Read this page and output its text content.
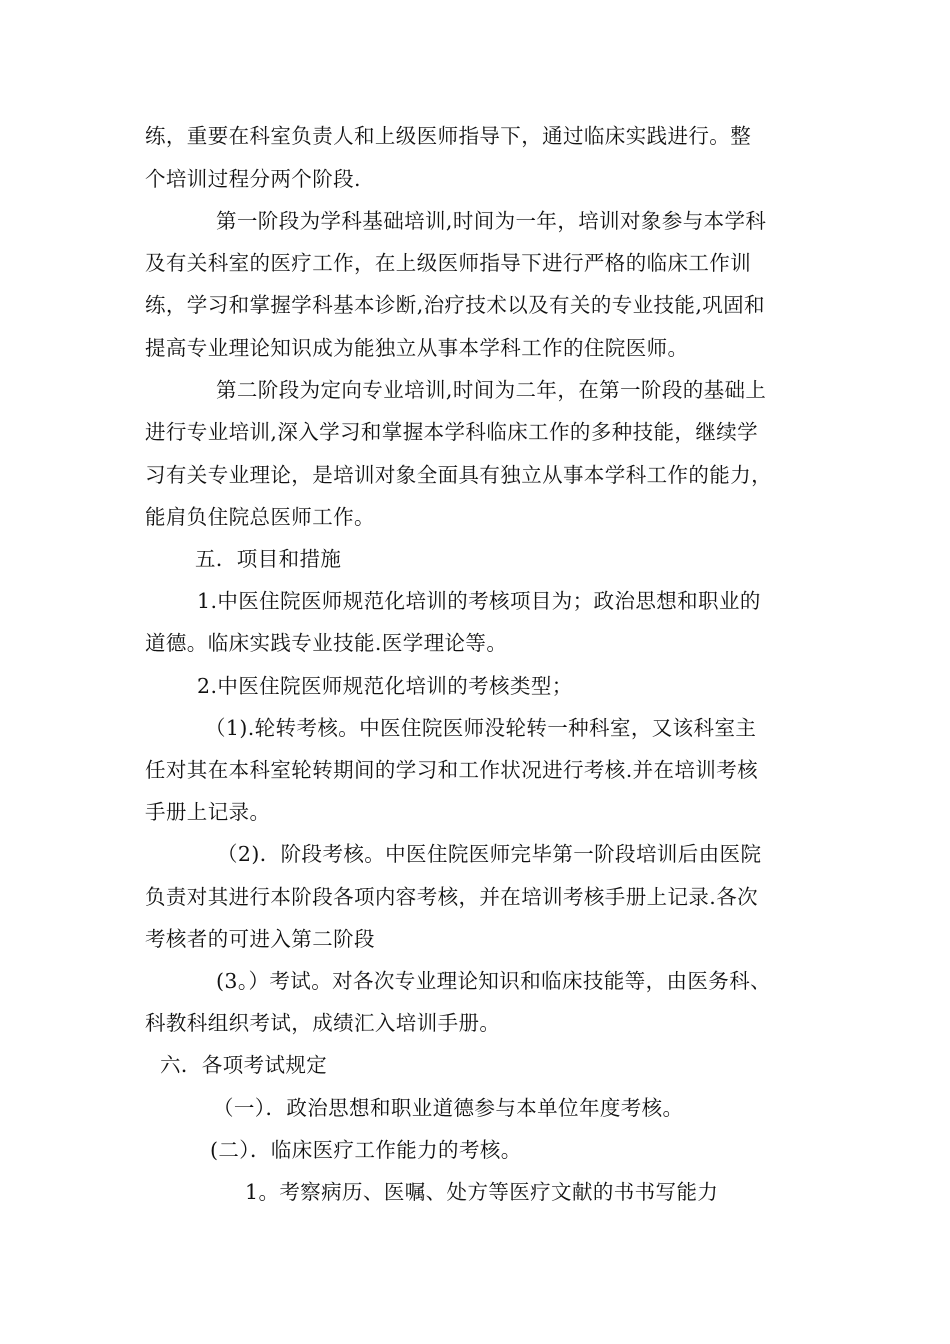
练，重要在科室负责人和上级医师指导下，通过临床实践进行。整
个培训过程分两个阶段.
第一阶段为学科基础培训,时间为一年，培训对象参与本学科
及有关科室的医疗工作，在上级医师指导下进行严格的临床工作训
练，学习和掌握学科基本诊断,治疗技术以及有关的专业技能,巩固和
提高专业理论知识成为能独立从事本学科工作的住院医师。
第二阶段为定向专业培训,时间为二年，在第一阶段的基础上
进行专业培训,深入学习和掌握本学科临床工作的多种技能，继续学
习有关专业理论，是培训对象全面具有独立从事本学科工作的能力，
能肩负住院总医师工作。
五．项目和措施
1.中医住院医师规范化培训的考核项目为；政治思想和职业的
道德。临床实践专业技能.医学理论等。
2.中医住院医师规范化培训的考核类型；
（1).轮转考核。中医住院医师没轮转一种科室，又该科室主
任对其在本科室轮转期间的学习和工作状况进行考核.并在培训考核
手册上记录。
（2)．阶段考核。中医住院医师完毕第一阶段培训后由医院
负责对其进行本阶段各项内容考核，并在培训考核手册上记录.各次
考核者的可进入第二阶段
(3。）考试。对各次专业理论知识和临床技能等，由医务科、
科教科组织考试，成绩汇入培训手册。
六．各项考试规定
（一）．政治思想和职业道德参与本单位年度考核。
(二）．临床医疗工作能力的考核。
1。考察病历、医嘱、处方等医疗文献的书书写能力
